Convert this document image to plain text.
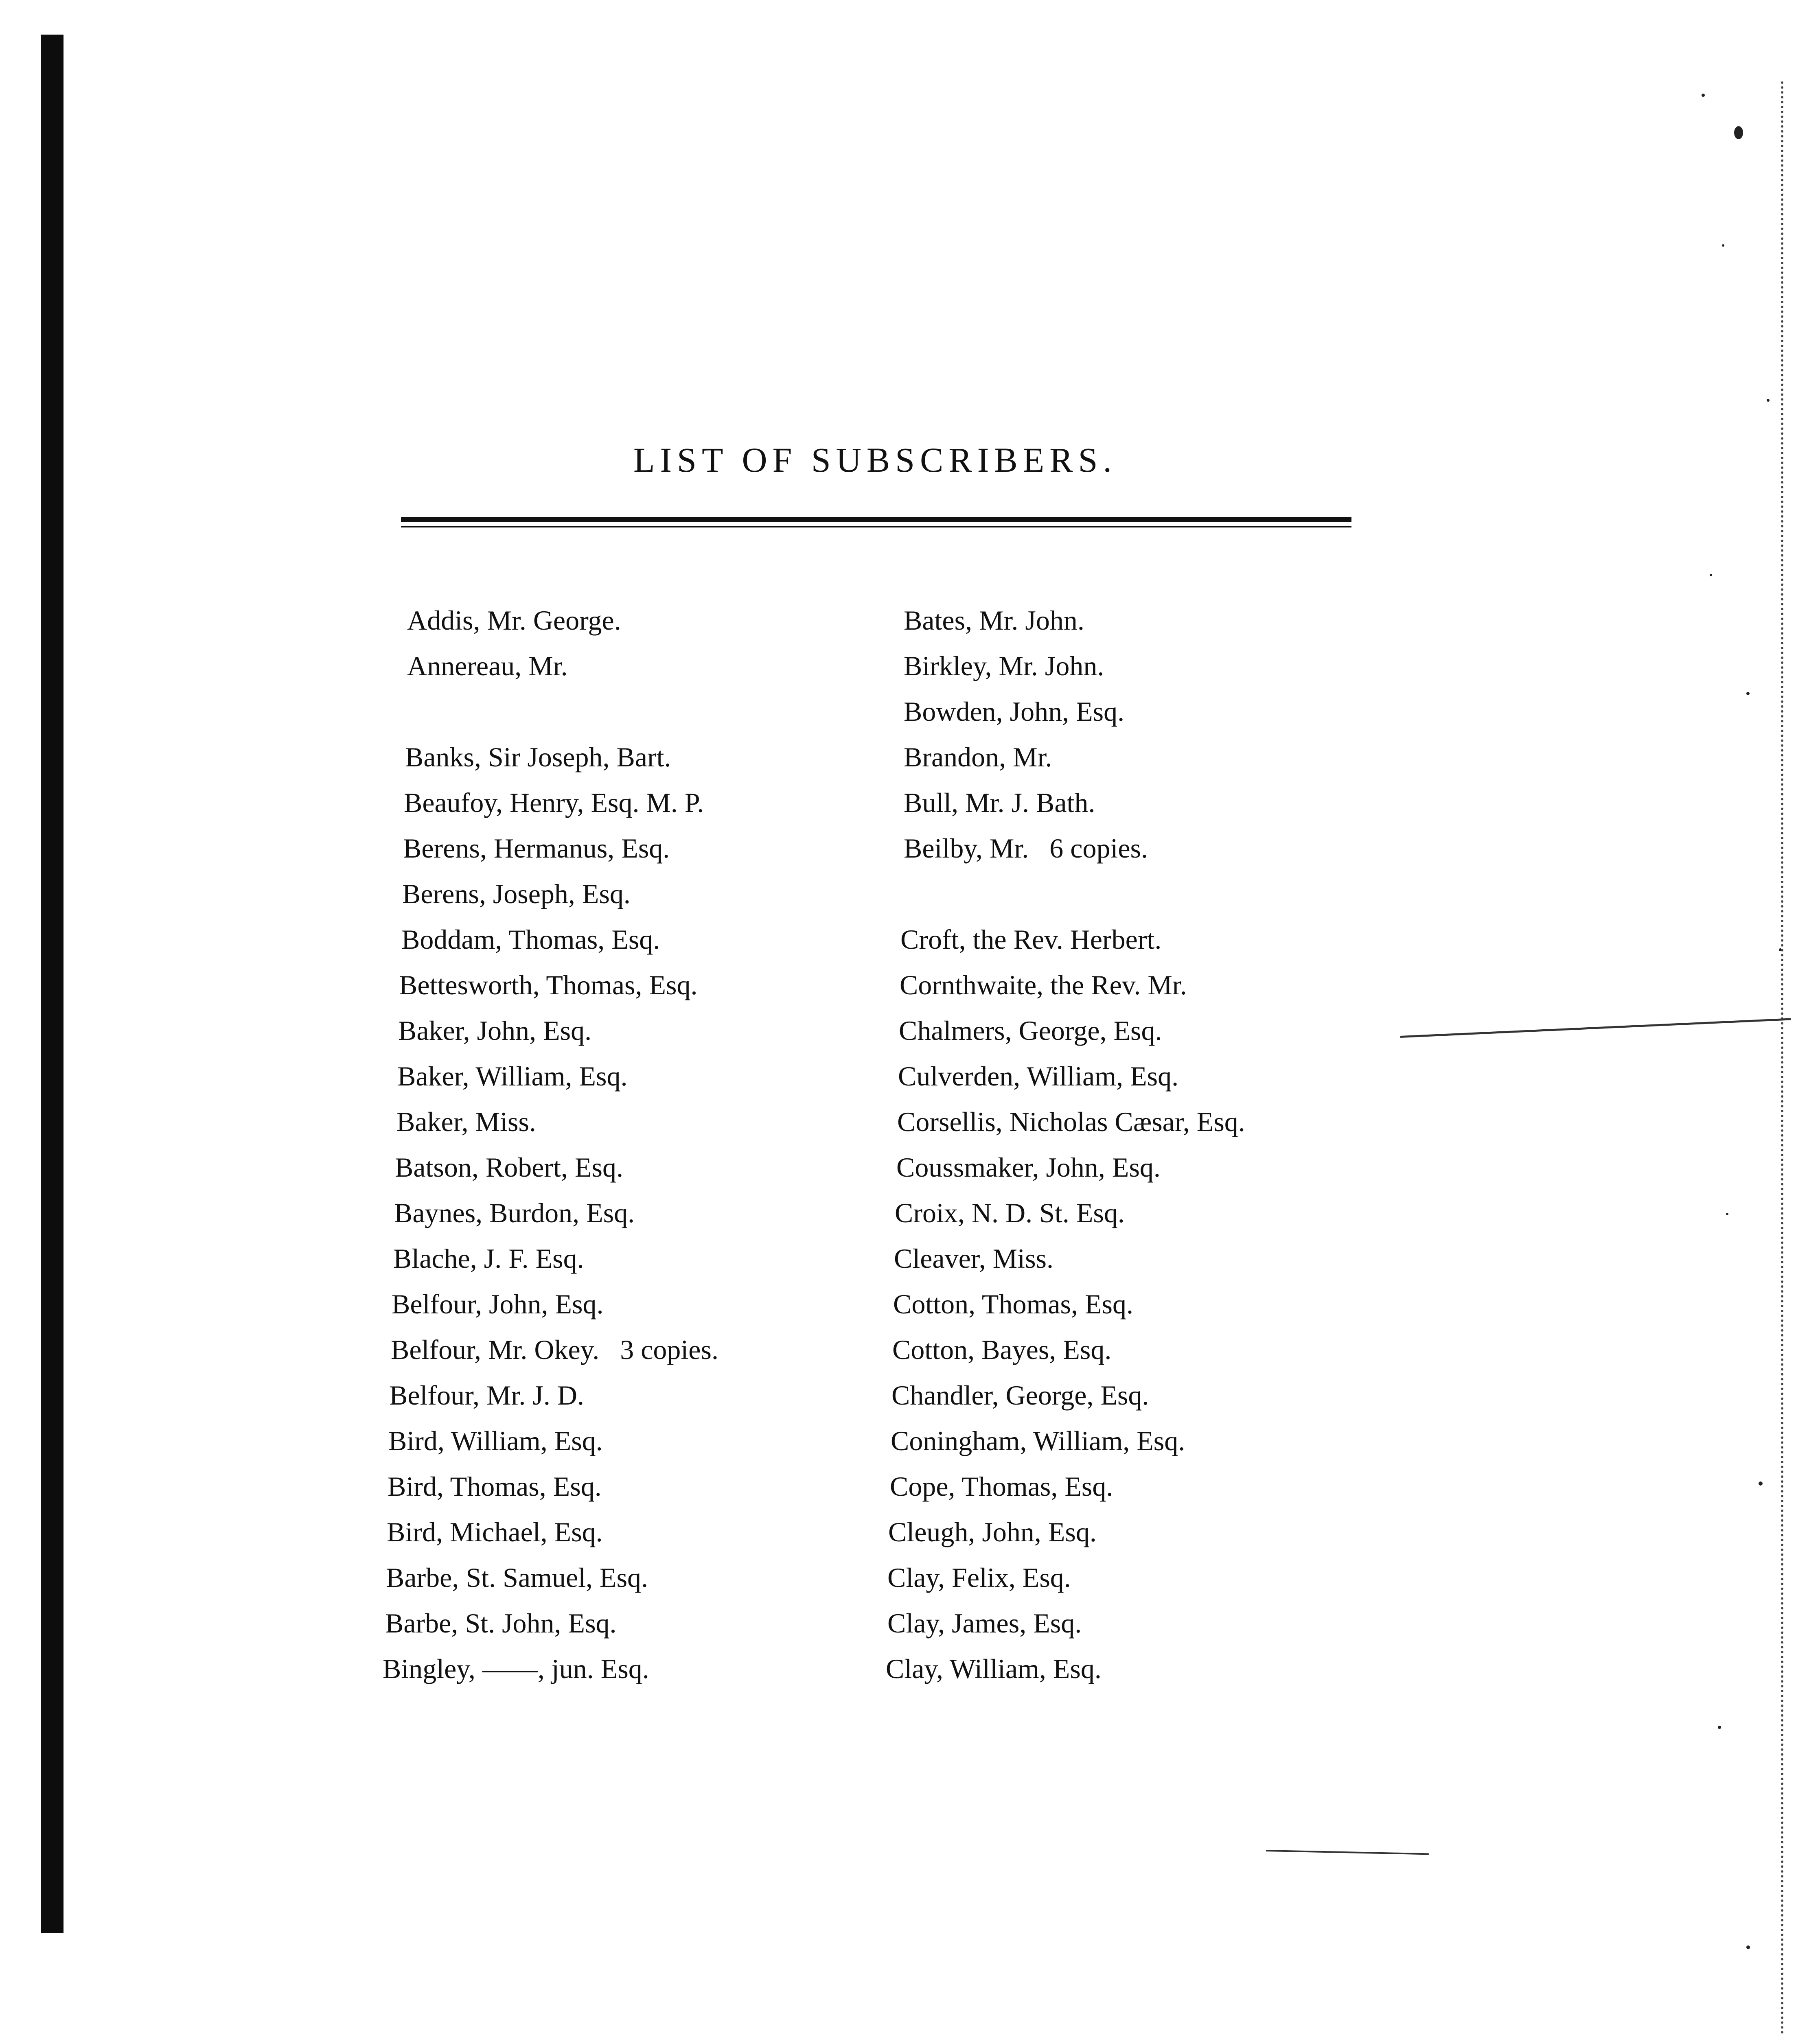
LIST OF SUBSCRIBERS.
Addis, Mr. George.
Annereau, Mr.
Banks, Sir Joseph, Bart.
Beaufoy, Henry, Esq. M. P.
Berens, Hermanus, Esq.
Berens, Joseph, Esq.
Boddam, Thomas, Esq.
Bettesworth, Thomas, Esq.
Baker, John, Esq.
Baker, William, Esq.
Baker, Miss.
Batson, Robert, Esq.
Baynes, Burdon, Esq.
Blache, J. F. Esq.
Belfour, John, Esq.
Belfour, Mr. Okey.   3 copies.
Belfour, Mr. J. D.
Bird, William, Esq.
Bird, Thomas, Esq.
Bird, Michael, Esq.
Barbe, St. Samuel, Esq.
Barbe, St. John, Esq.
Bingley, ——, jun. Esq.
Bates, Mr. John.
Birkley, Mr. John.
Bowden, John, Esq.
Brandon, Mr.
Bull, Mr. J. Bath.
Beilby, Mr.   6 copies.
Croft, the Rev. Herbert.
Cornthwaite, the Rev. Mr.
Chalmers, George, Esq.
Culverden, William, Esq.
Corsellis, Nicholas Cæsar, Esq.
Coussmaker, John, Esq.
Croix, N. D. St. Esq.
Cleaver, Miss.
Cotton, Thomas, Esq.
Cotton, Bayes, Esq.
Chandler, George, Esq.
Coningham, William, Esq.
Cope, Thomas, Esq.
Cleugh, John, Esq.
Clay, Felix, Esq.
Clay, James, Esq.
Clay, William, Esq.
